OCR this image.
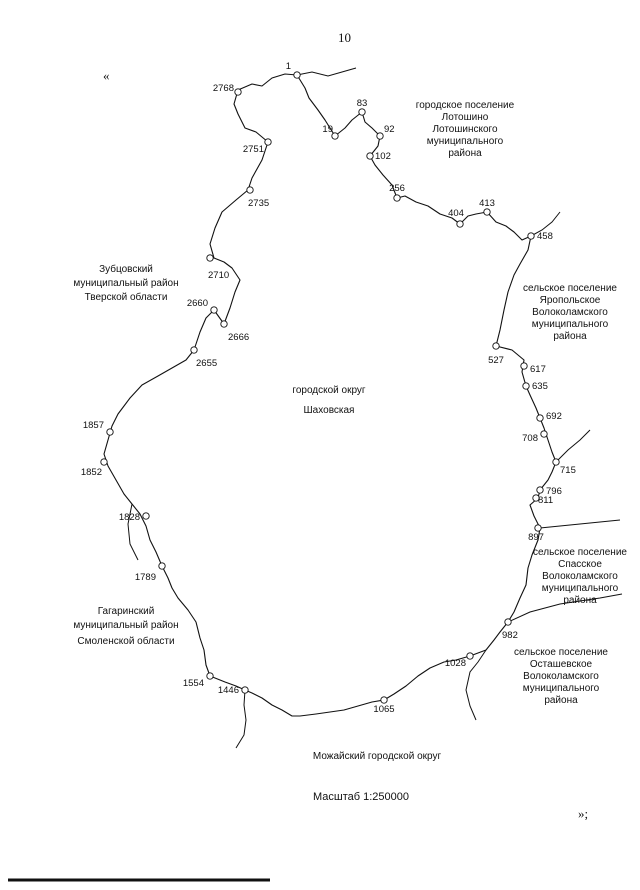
10
«
1
19
83
92
102
256
404
413
458
527
617
635
692
708
715
796
811
897
982
1028
1065
1446
1554
1789
1828
1852
1857
2655
2660
2666
2710
2735
2751
2768
городской округ
Шаховская
городское поселение
Лотошино
Лотошинского
муниципального
района
сельское поселение
Яропольское
Волоколамского
муниципального
района
сельское поселение
Спасское
Волоколамского
муниципального
района
сельское поселение
Осташевское
Волоколамского
муниципального
района
Зубцовский
муниципальный район
Тверской области
Гагаринский
муниципальный район
Смоленской области
Можайский городской округ
Масштаб 1:250000
»;
